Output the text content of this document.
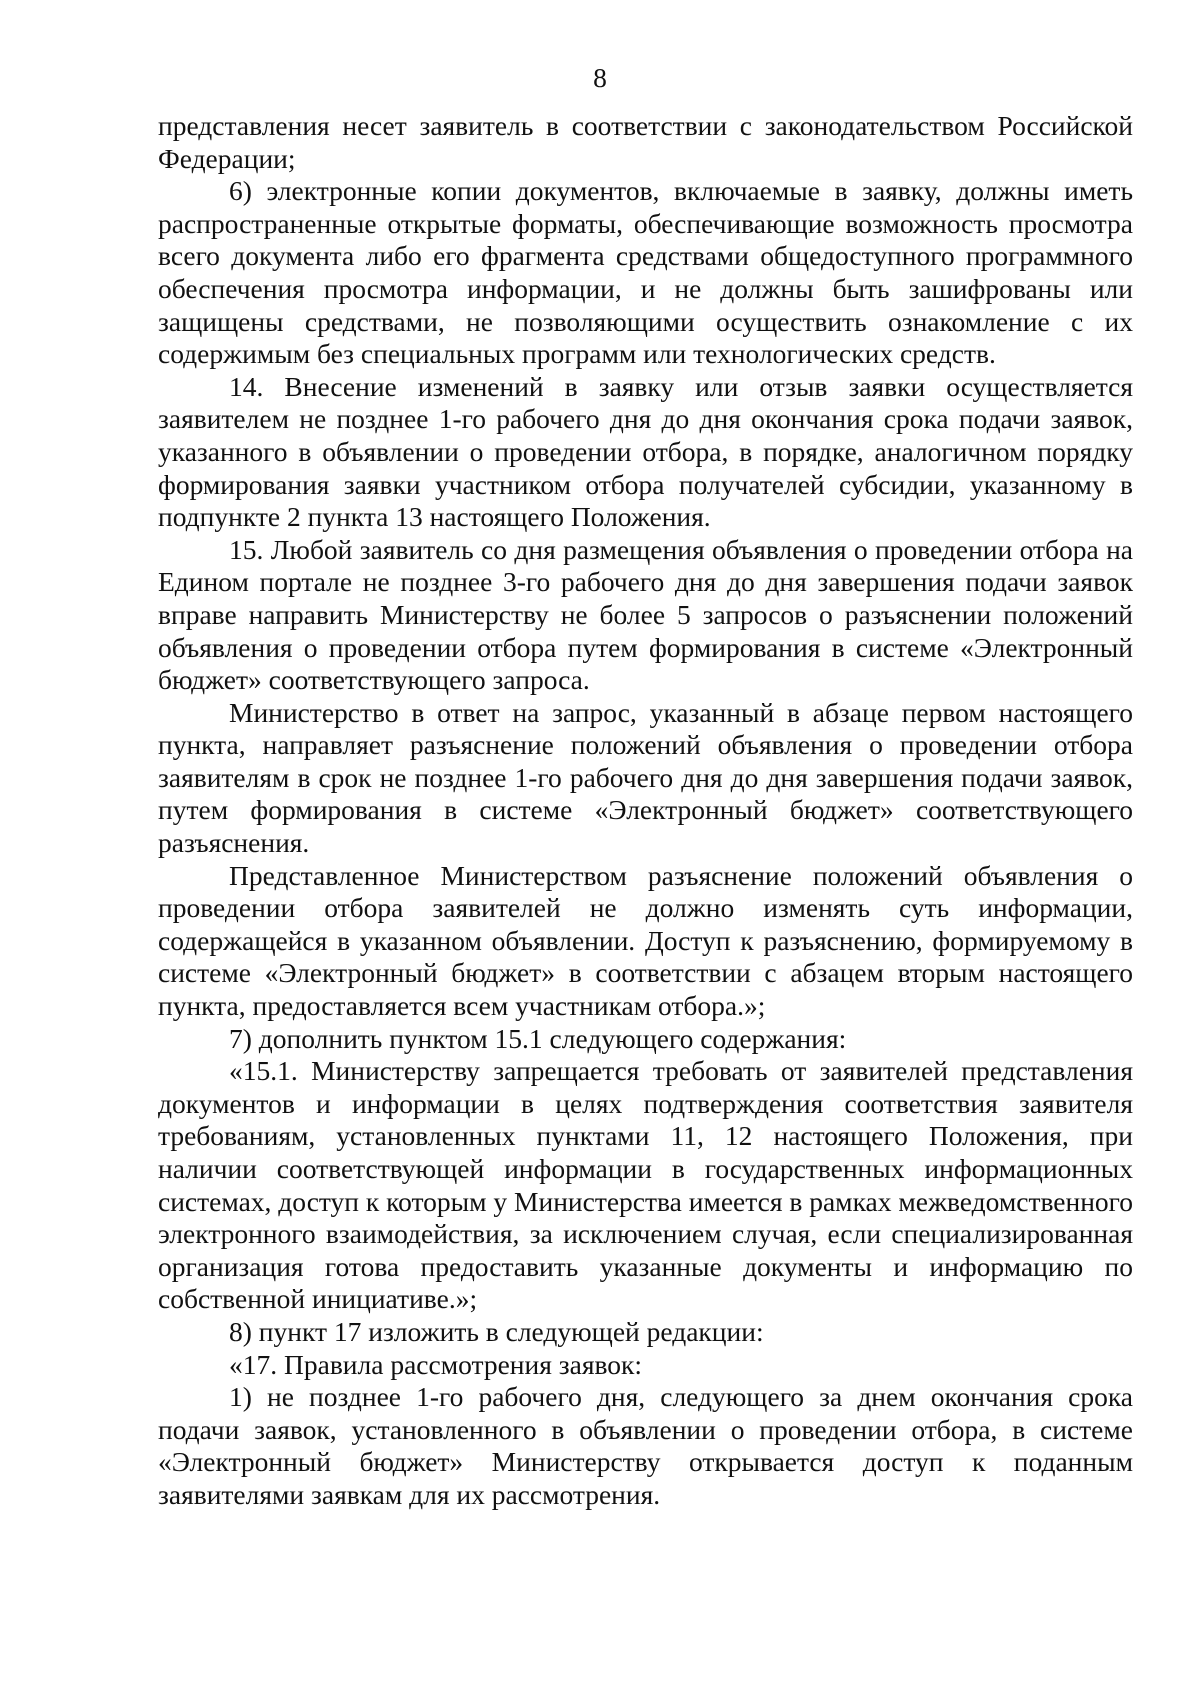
8

представления несет заявитель в соответствии с законодательством Российской Федерации;

6) электронные копии документов, включаемые в заявку, должны иметь распространенные открытые форматы, обеспечивающие возможность просмотра всего документа либо его фрагмента средствами общедоступного программного обеспечения просмотра информации, и не должны быть зашифрованы или защищены средствами, не позволяющими осуществить ознакомление с их содержимым без специальных программ или технологических средств.

14. Внесение изменений в заявку или отзыв заявки осуществляется заявителем не позднее 1-го рабочего дня до дня окончания срока подачи заявок, указанного в объявлении о проведении отбора, в порядке, аналогичном порядку формирования заявки участником отбора получателей субсидии, указанному в подпункте 2 пункта 13 настоящего Положения.

15. Любой заявитель со дня размещения объявления о проведении отбора на Едином портале не позднее 3-го рабочего дня до дня завершения подачи заявок вправе направить Министерству не более 5 запросов о разъяснении положений объявления о проведении отбора путем формирования в системе «Электронный бюджет» соответствующего запроса.

Министерство в ответ на запрос, указанный в абзаце первом настоящего пункта, направляет разъяснение положений объявления о проведении отбора заявителям в срок не позднее 1-го рабочего дня до дня завершения подачи заявок, путем формирования в системе «Электронный бюджет» соответствующего разъяснения.

Представленное Министерством разъяснение положений объявления о проведении отбора заявителей не должно изменять суть информации, содержащейся в указанном объявлении. Доступ к разъяснению, формируемому в системе «Электронный бюджет» в соответствии с абзацем вторым настоящего пункта, предоставляется всем участникам отбора.»;

7) дополнить пунктом 15.1 следующего содержания:

«15.1. Министерству запрещается требовать от заявителей представления документов и информации в целях подтверждения соответствия заявителя требованиям, установленных пунктами 11, 12 настоящего Положения, при наличии соответствующей информации в государственных информационных системах, доступ к которым у Министерства имеется в рамках межведомственного электронного взаимодействия, за исключением случая, если специализированная организация готова предоставить указанные документы и информацию по собственной инициативе.»;

8) пункт 17 изложить в следующей редакции:

«17. Правила рассмотрения заявок:

1) не позднее 1-го рабочего дня, следующего за днем окончания срока подачи заявок, установленного в объявлении о проведении отбора, в системе «Электронный бюджет» Министерству открывается доступ к поданным заявителями заявкам для их рассмотрения.
